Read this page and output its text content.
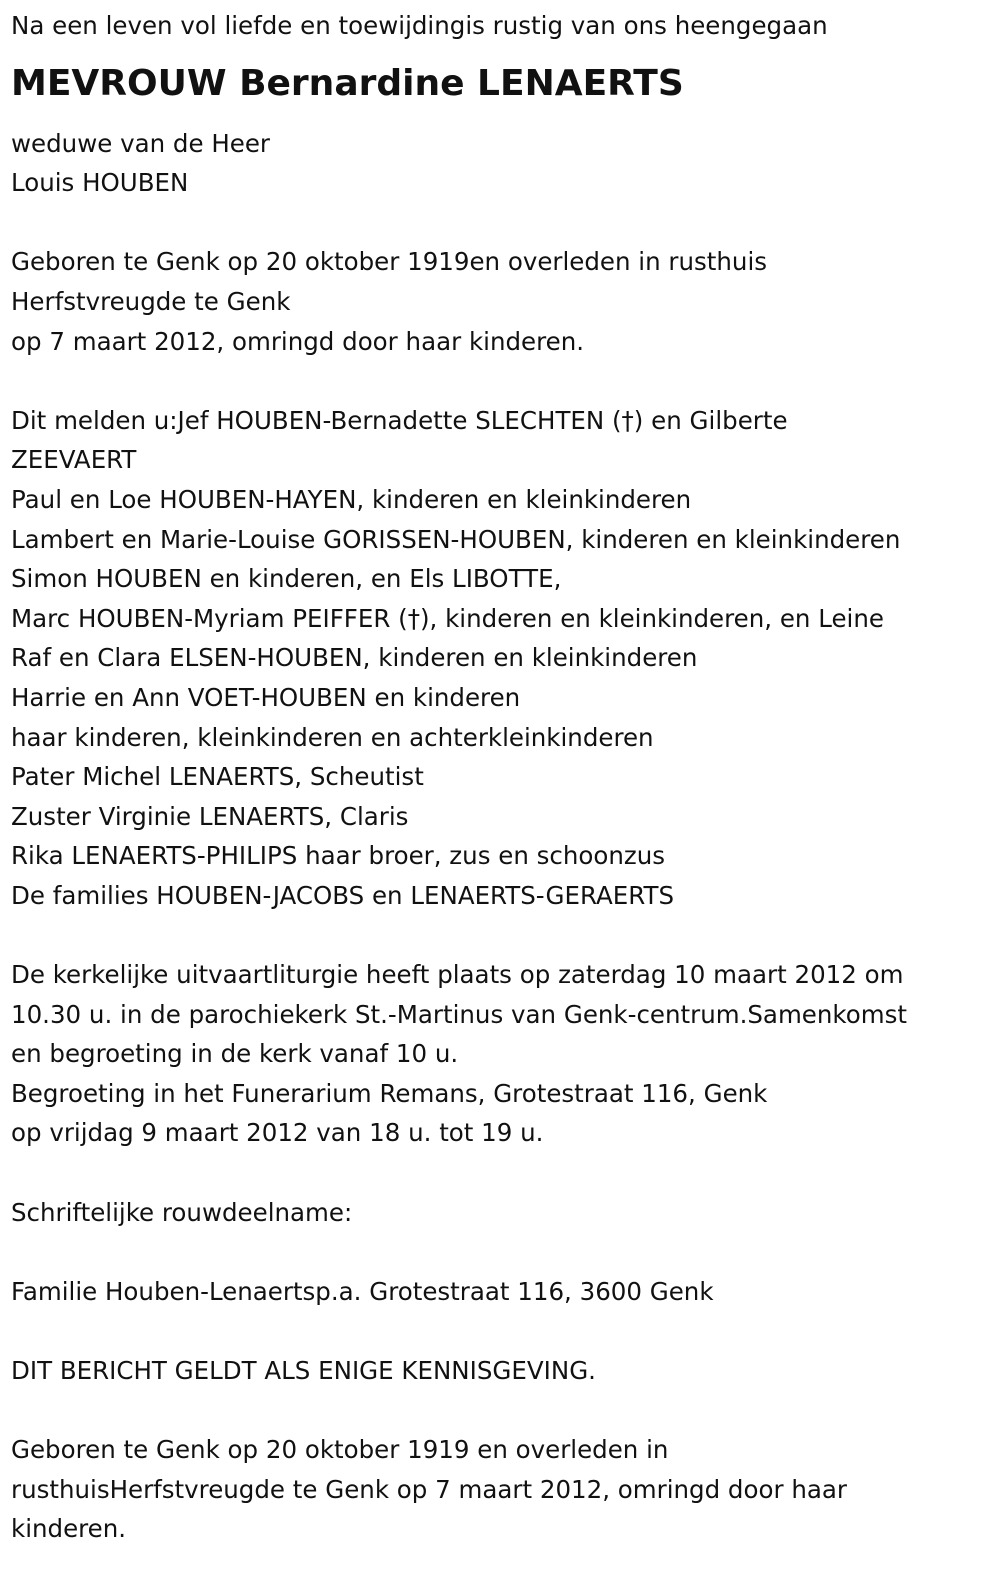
Na een leven vol liefde en toewijdingis rustig van ons heengegaan

MEVROUW Bernardine LENAERTS

weduwe van de Heer

Louis HOUBEN

Geboren te Genk op 20 oktober 1919en overleden in rusthuis

Herfstvreugde te Genk

op 7 maart 2012, omringd door haar kinderen.

Dit melden u:Jef HOUBEN-Bernadette SLECHTEN (†) en Gilberte

ZEEVAERT

Paul en Loe HOUBEN-HAYEN, kinderen en kleinkinderen

Lambert en Marie-Louise GORISSEN-HOUBEN, kinderen en kleinkinderen

Simon HOUBEN en kinderen, en Els LIBOTTE,

Marc HOUBEN-Myriam PEIFFER (†), kinderen en kleinkinderen, en Leine

Raf en Clara ELSEN-HOUBEN, kinderen en kleinkinderen

Harrie en Ann VOET-HOUBEN en kinderen

haar kinderen, kleinkinderen en achterkleinkinderen

Pater Michel LENAERTS, Scheutist

Zuster Virginie LENAERTS, Claris

Rika LENAERTS-PHILIPS haar broer, zus en schoonzus

De families HOUBEN-JACOBS en LENAERTS-GERAERTS

De kerkelijke uitvaartliturgie heeft plaats op zaterdag 10 maart 2012 om

10.30 u. in de parochiekerk St.-Martinus van Genk-centrum.Samenkomst

en begroeting in de kerk vanaf 10 u.

Begroeting in het Funerarium Remans, Grotestraat 116, Genk

op vrijdag 9 maart 2012 van 18 u. tot 19 u.

Schriftelijke rouwdeelname:

Familie Houben-Lenaertsp.a. Grotestraat 116, 3600 Genk

DIT BERICHT GELDT ALS ENIGE KENNISGEVING.

Geboren te Genk op 20 oktober 1919 en overleden in

rusthuisHerfstvreugde te Genk op 7 maart 2012, omringd door haar

kinderen.
